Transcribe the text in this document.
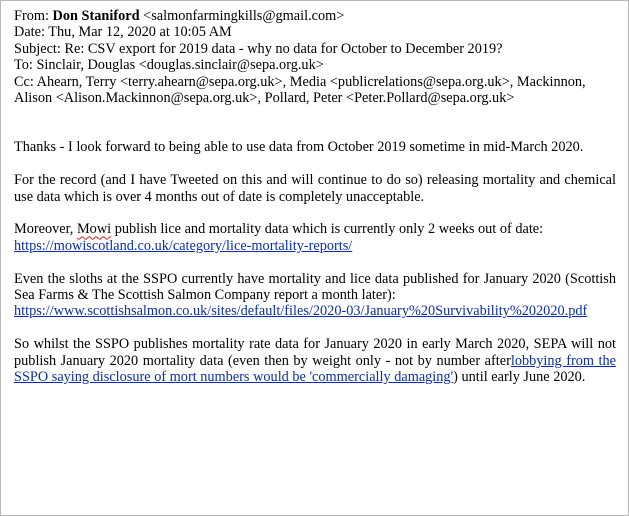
From: Don Staniford <salmonfarmingkills@gmail.com>
Date: Thu, Mar 12, 2020 at 10:05 AM
Subject: Re: CSV export for 2019 data - why no data for October to December 2019?
To: Sinclair, Douglas <douglas.sinclair@sepa.org.uk>
Cc: Ahearn, Terry <terry.ahearn@sepa.org.uk>, Media <publicrelations@sepa.org.uk>, Mackinnon, Alison <Alison.Mackinnon@sepa.org.uk>, Pollard, Peter <Peter.Pollard@sepa.org.uk>

Thanks - I look forward to being able to use data from October 2019 sometime in mid-March 2020.

For the record (and I have Tweeted on this and will continue to do so) releasing mortality and chemical use data which is over 4 months out of date is completely unacceptable.

Moreover, Mowi publish lice and mortality data which is currently only 2 weeks out of date:
https://mowiscotland.co.uk/category/lice-mortality-reports/

Even the sloths at the SSPO currently have mortality and lice data published for January 2020 (Scottish Sea Farms & The Scottish Salmon Company report a month later):
https://www.scottishsalmon.co.uk/sites/default/files/2020-03/January%20Survivability%202020.pdf

So whilst the SSPO publishes mortality rate data for January 2020 in early March 2020, SEPA will not publish January 2020 mortality data (even then by weight only - not by number afterlobbying from the SSPO saying disclosure of mort numbers would be 'commercially damaging') until early June 2020.
